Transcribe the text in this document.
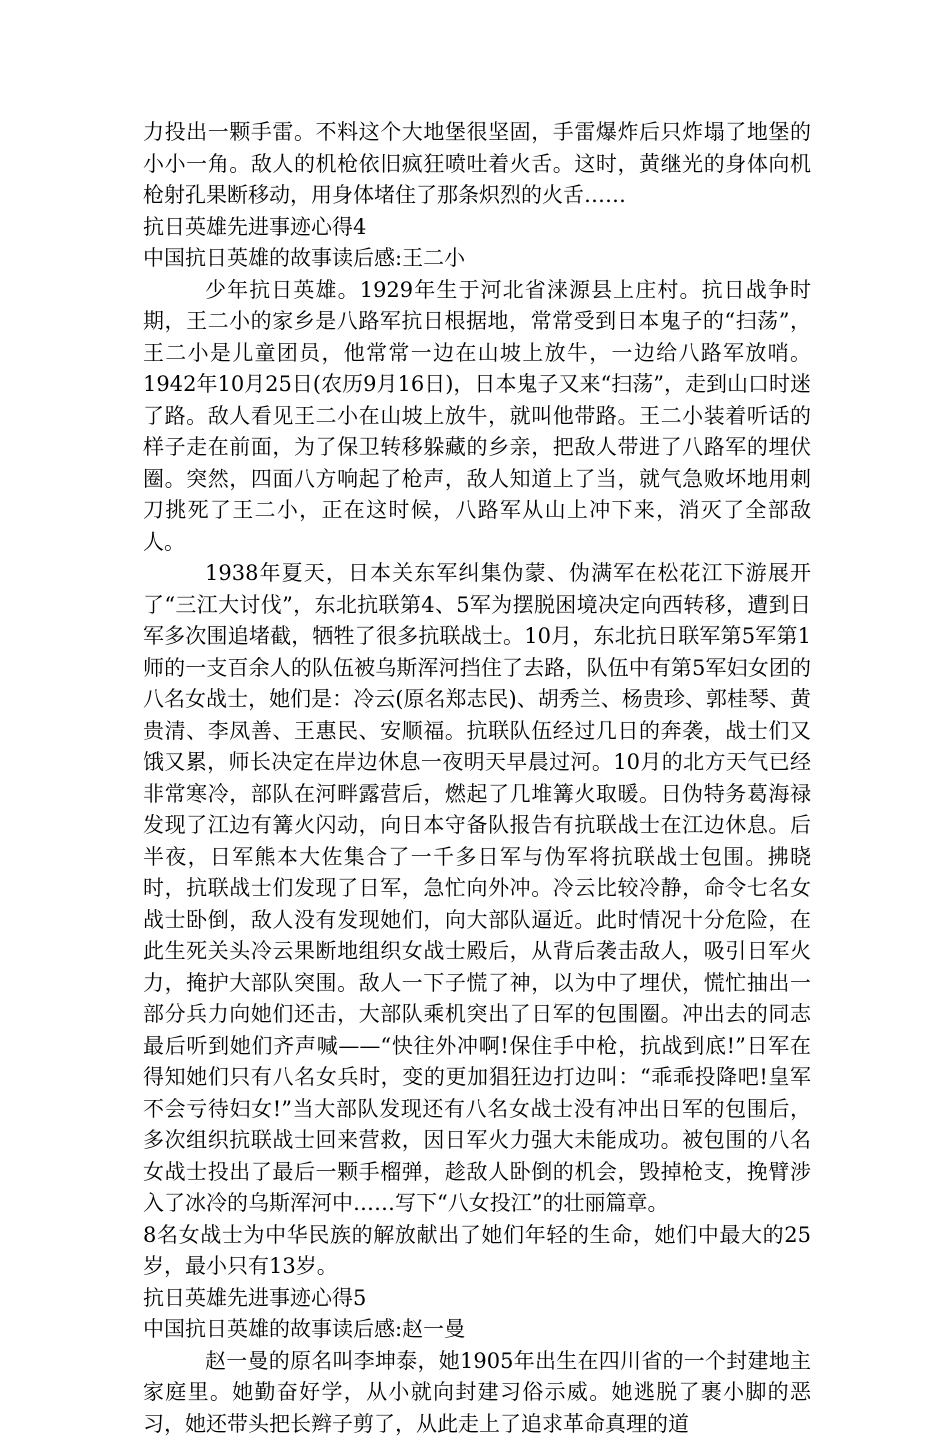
力投出一颗手雷。不料这个大地堡很坚固，手雷爆炸后只炸塌了地堡的小小一角。敌人的机枪依旧疯狂喷吐着火舌。这时，黄继光的身体向机枪射孔果断移动，用身体堵住了那条炽烈的火舌……

抗日英雄先进事迹心得4

中国抗日英雄的故事读后感:王二小

少年抗日英雄。1929年生于河北省涞源县上庄村。抗日战争时期，王二小的家乡是八路军抗日根据地，常常受到日本鬼子的“扫荡”，王二小是儿童团员，他常常一边在山坡上放牛，一边给八路军放哨。1942年10月25日(农历9月16日)，日本鬼子又来“扫荡”，走到山口时迷了路。敌人看见王二小在山坡上放牛，就叫他带路。王二小装着听话的样子走在前面，为了保卫转移躲藏的乡亲，把敌人带进了八路军的埋伏圈。突然，四面八方响起了枪声，敌人知道上了当，就气急败坏地用刺刀挑死了王二小，正在这时候，八路军从山上冲下来，消灭了全部敌人。

1938年夏天，日本关东军纠集伪蒙、伪满军在松花江下游展开了“三江大讨伐”，东北抗联第4、5军为摆脱困境决定向西转移，遭到日军多次围追堵截，牺牲了很多抗联战士。10月，东北抗日联军第5军第1师的一支百余人的队伍被乌斯浑河挡住了去路，队伍中有第5军妇女团的八名女战士，她们是：冷云(原名郑志民)、胡秀兰、杨贵珍、郭桂琴、黄贵清、李凤善、王惠民、安顺福。抗联队伍经过几日的奔袭，战士们又饿又累，师长决定在岸边休息一夜明天早晨过河。10月的北方天气已经非常寒冷，部队在河畔露营后，燃起了几堆篝火取暖。日伪特务葛海禄发现了江边有篝火闪动，向日本守备队报告有抗联战士在江边休息。后半夜，日军熊本大佐集合了一千多日军与伪军将抗联战士包围。拂晓时，抗联战士们发现了日军，急忙向外冲。冷云比较冷静，命令七名女战士卧倒，敌人没有发现她们，向大部队逼近。此时情况十分危险，在此生死关头冷云果断地组织女战士殿后，从背后袭击敌人，吸引日军火力，掩护大部队突围。敌人一下子慌了神，以为中了埋伏，慌忙抽出一部分兵力向她们还击，大部队乘机突出了日军的包围圈。冲出去的同志最后听到她们齐声喊——“快往外冲啊!保住手中枪，抗战到底!”日军在得知她们只有八名女兵时，变的更加猖狂边打边叫：“乖乖投降吧!皇军不会亏待妇女!”当大部队发现还有八名女战士没有冲出日军的包围后，多次组织抗联战士回来营救，因日军火力强大未能成功。被包围的八名女战士投出了最后一颗手榴弹，趁敌人卧倒的机会，毁掉枪支，挽臂涉入了冰冷的乌斯浑河中……写下“八女投江”的壮丽篇章。

8名女战士为中华民族的解放献出了她们年轻的生命，她们中最大的25岁，最小只有13岁。

抗日英雄先进事迹心得5

中国抗日英雄的故事读后感:赵一曼

赵一曼的原名叫李坤泰，她1905年出生在四川省的一个封建地主家庭里。她勤奋好学，从小就向封建习俗示威。她逃脱了裹小脚的恶习，她还带头把长辫子剪了，从此走上了追求革命真理的道
